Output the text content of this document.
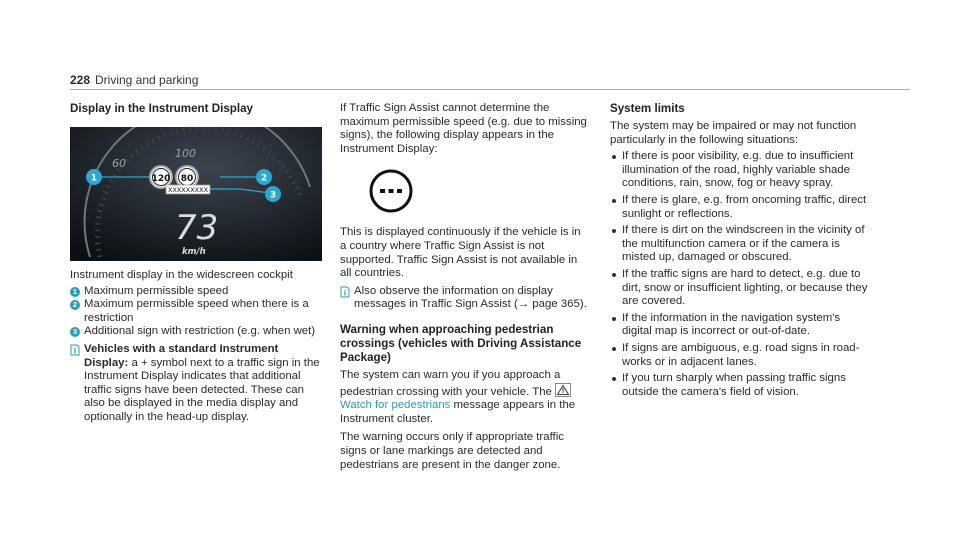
228 Driving and parking
Display in the Instrument Display
60
100
120 80
XXXXXXXXX
1	2
3
73
km/h

Instrument display in the widescreen cockpit

1 Maximum permissible speed
2 Maximum permissible speed when there is a restriction
3 Additional sign with restriction (e.g. when wet)
i Vehicles with a standard Instrument Display: a + symbol next to a traffic sign in the Instrument Display indicates that additional traffic signs have been detected. These can also be displayed in the media display and optionally in the head-up display.

If Traffic Sign Assist cannot determine the maximum permissible speed (e.g. due to missing signs), the following display appears in the Instrument Display:

This is displayed continuously if the vehicle is in a country where Traffic Sign Assist is not supported. Traffic Sign Assist is not available in all countries.

i Also observe the information on display messages in Traffic Sign Assist (→ page 365).
Warning when approaching pedestrian crossings (vehicles with Driving Assistance Package)

The system can warn you if you approach a pedestrian crossing with your vehicle. The

Watch for pedestrians message appears in the Instrument cluster.

The warning occurs only if appropriate traffic signs or lane markings are detected and pedestrians are present in the danger zone.

System limits

The system may be impaired or may not function particularly in the following situations:

If there is poor visibility, e.g. due to insufficient illumination of the road, highly variable shade conditions, rain, snow, fog or heavy spray.
If there is glare, e.g. from oncoming traffic, direct sunlight or reflections.
If there is dirt on the windscreen in the vicinity of the multifunction camera or if the camera is misted up, damaged or obscured.
If the traffic signs are hard to detect, e.g. due to dirt, snow or insufficient lighting, or because they are covered.
If the information in the navigation system's digital map is incorrect or out-of-date.
If signs are ambiguous, e.g. road signs in road-works or in adjacent lanes.
If you turn sharply when passing traffic signs outside the camera's field of vision.
